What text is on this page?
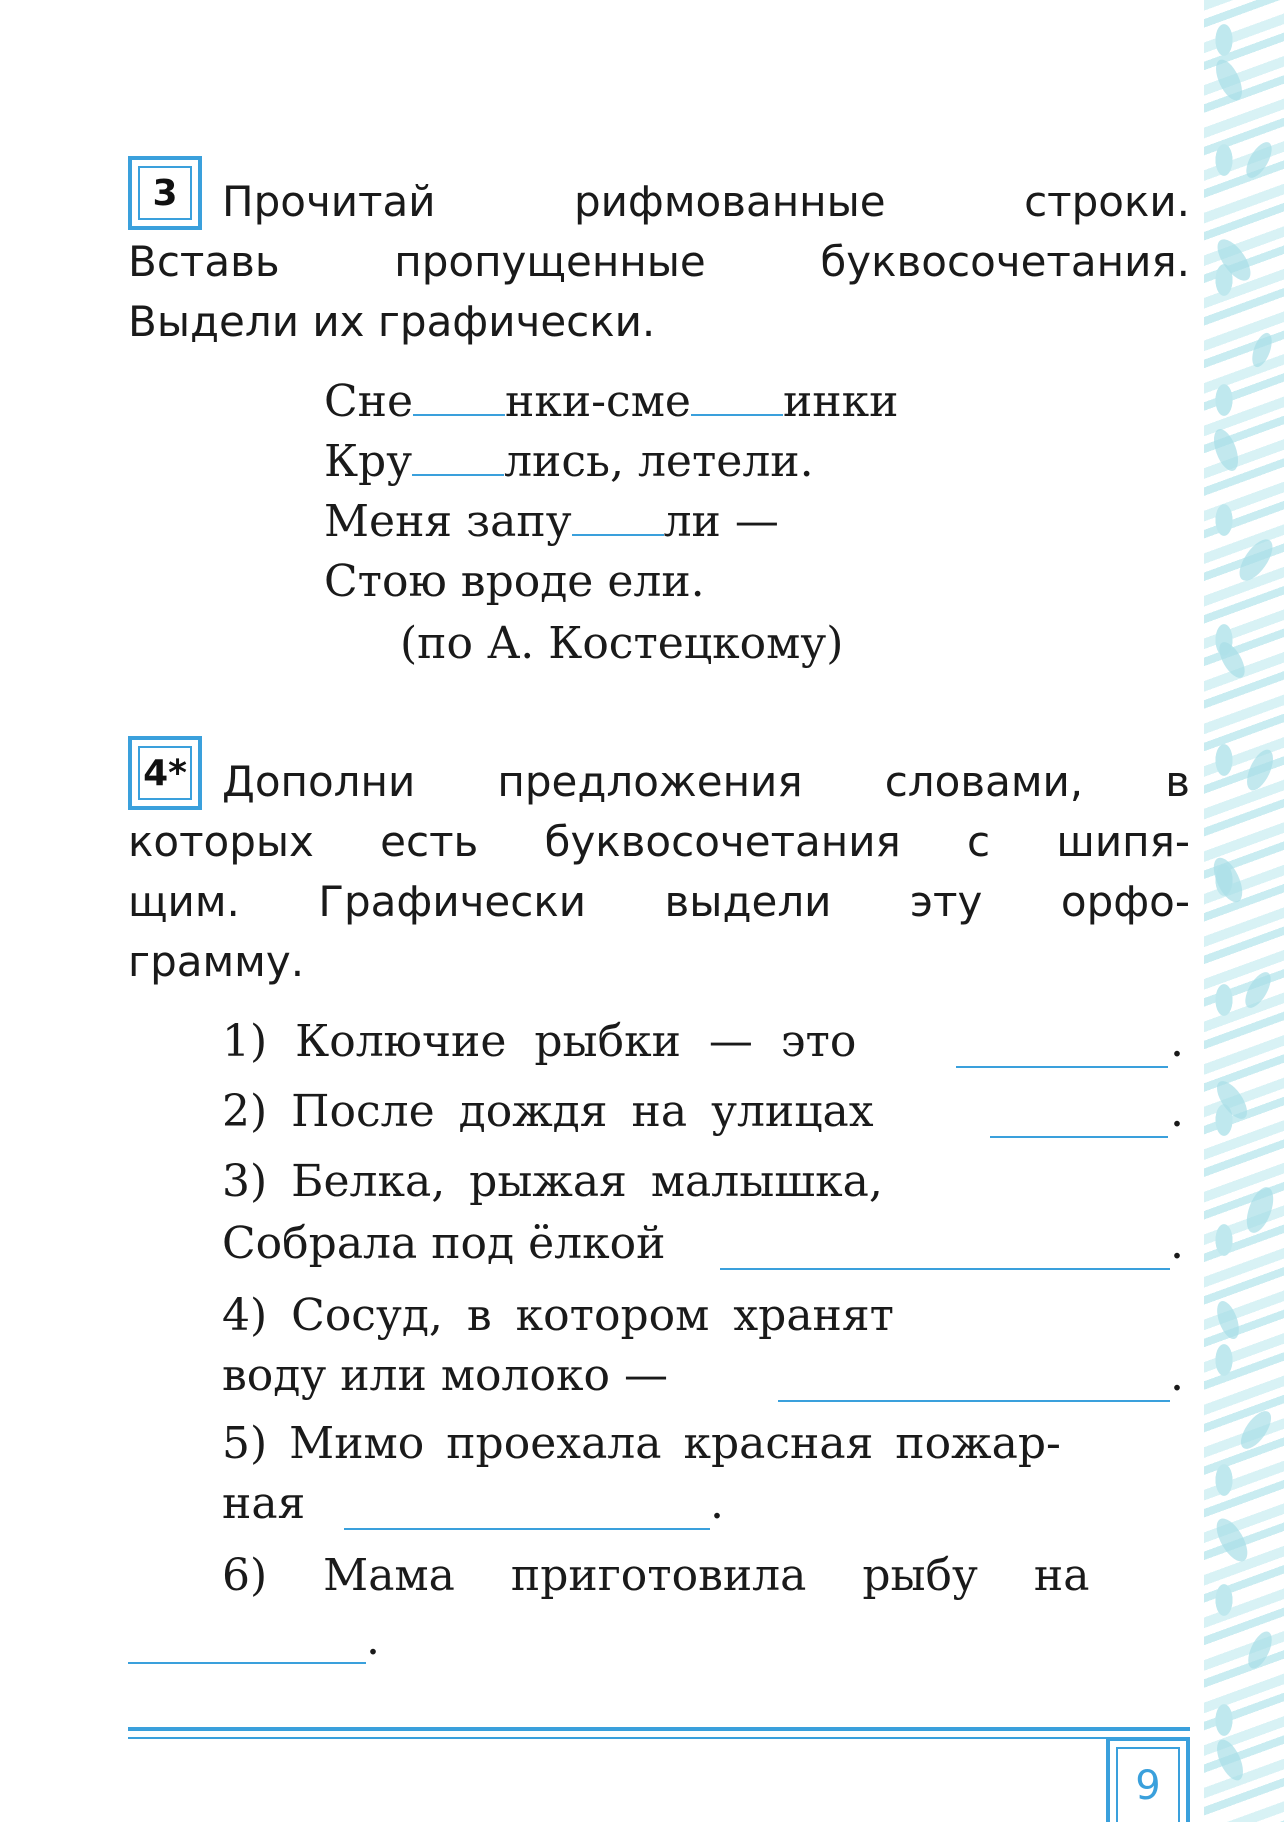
3	Прочитай рифмованные строки.
Вставь пропущенные буквосочетания.
Выдели их графически.
Сне нки-сме инки
Кру лись, летели.
Меня запу ли —
Стою вроде ели.
(по А. Костецкому)
4* Дополни предложения словами, в
которых есть буквосочетания с шипя-
щим. Графически выдели эту орфо-
грамму.
1) Колючие рыбки — это	.
2) После дождя на улицах	.
3) Белка, рыжая малышка,
Собрала под ёлкой	.
4) Сосуд, в котором хранят
воду или молоко —	.
5) Мимо проехала красная пожар-
ная	.
6) Мама приготовила рыбу на
.
9
